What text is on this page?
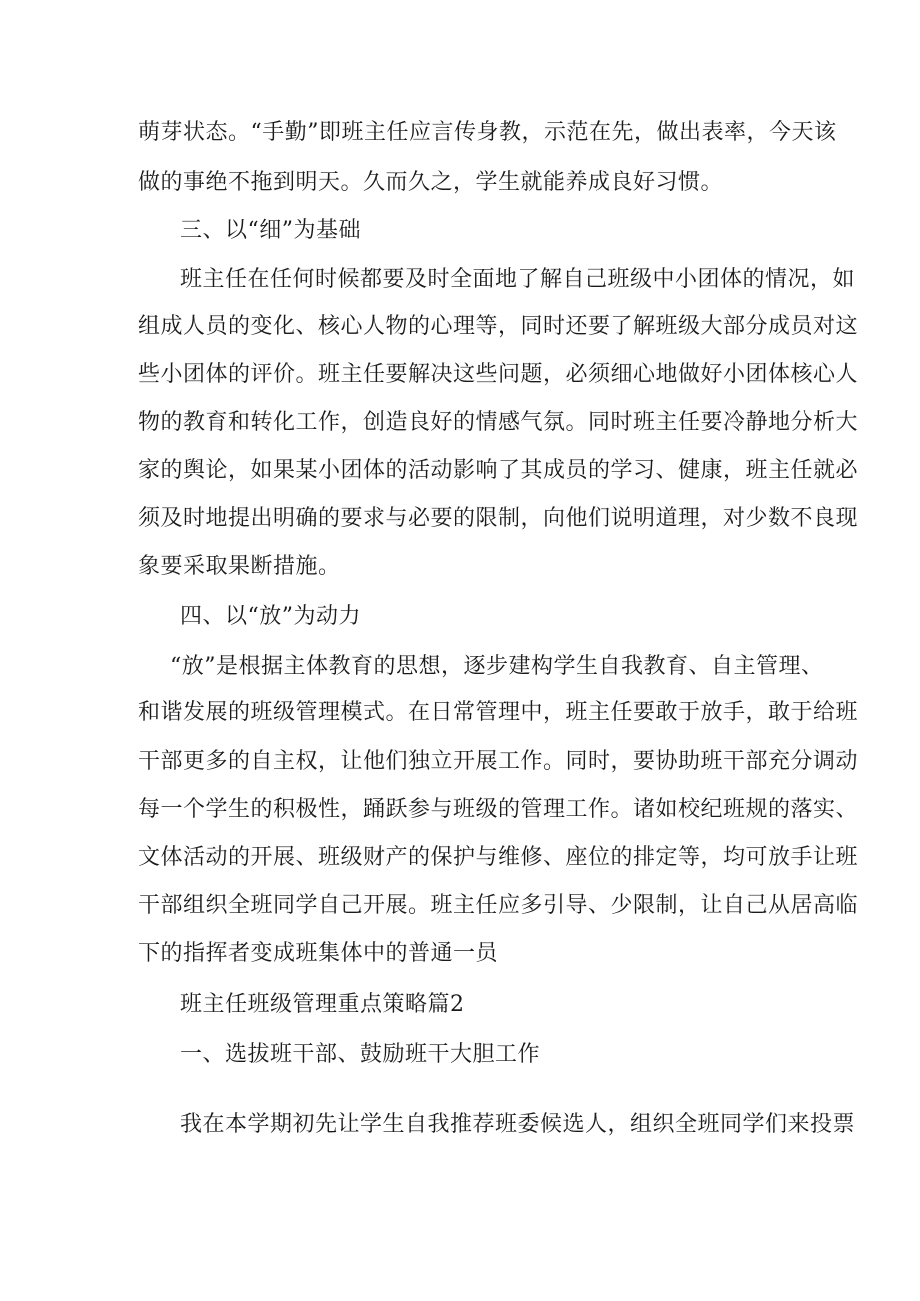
萌芽状态。“手勤”即班主任应言传身教，示范在先，做出表率，今天该
做的事绝不拖到明天。久而久之，学生就能养成良好习惯。
三、以“细”为基础
班主任在任何时候都要及时全面地了解自己班级中小团体的情况，如
组成人员的变化、核心人物的心理等，同时还要了解班级大部分成员对这
些小团体的评价。班主任要解决这些问题，必须细心地做好小团体核心人
物的教育和转化工作，创造良好的情感气氛。同时班主任要冷静地分析大
家的舆论，如果某小团体的活动影响了其成员的学习、健康，班主任就必
须及时地提出明确的要求与必要的限制，向他们说明道理，对少数不良现
象要采取果断措施。
四、以“放”为动力
“放”是根据主体教育的思想，逐步建构学生自我教育、自主管理、
和谐发展的班级管理模式。在日常管理中，班主任要敢于放手，敢于给班
干部更多的自主权，让他们独立开展工作。同时，要协助班干部充分调动
每一个学生的积极性，踊跃参与班级的管理工作。诸如校纪班规的落实、
文体活动的开展、班级财产的保护与维修、座位的排定等，均可放手让班
干部组织全班同学自己开展。班主任应多引导、少限制，让自己从居高临
下的指挥者变成班集体中的普通一员
班主任班级管理重点策略篇2
一、选拔班干部、鼓励班干大胆工作
我在本学期初先让学生自我推荐班委候选人，组织全班同学们来投票
